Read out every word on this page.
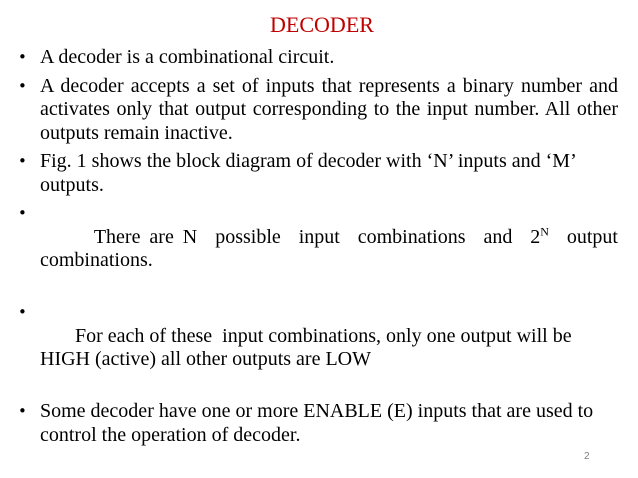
DECODER
• A decoder is a combinational circuit.
• A decoder accepts a set of inputs that represents a binary number and activates only that output corresponding to the input number. All other outputs remain inactive.
• Fig. 1 shows the block diagram of decoder with ‘N’ inputs and ‘M’ outputs.

•
There are N  possible  input  combinations  and  $2^N$  output combinations.

•
For each of these  input combinations, only one output will be HIGH (active) all other outputs are LOW

• Some decoder have one or more ENABLE (E) inputs that are used to control the operation of decoder.
2
